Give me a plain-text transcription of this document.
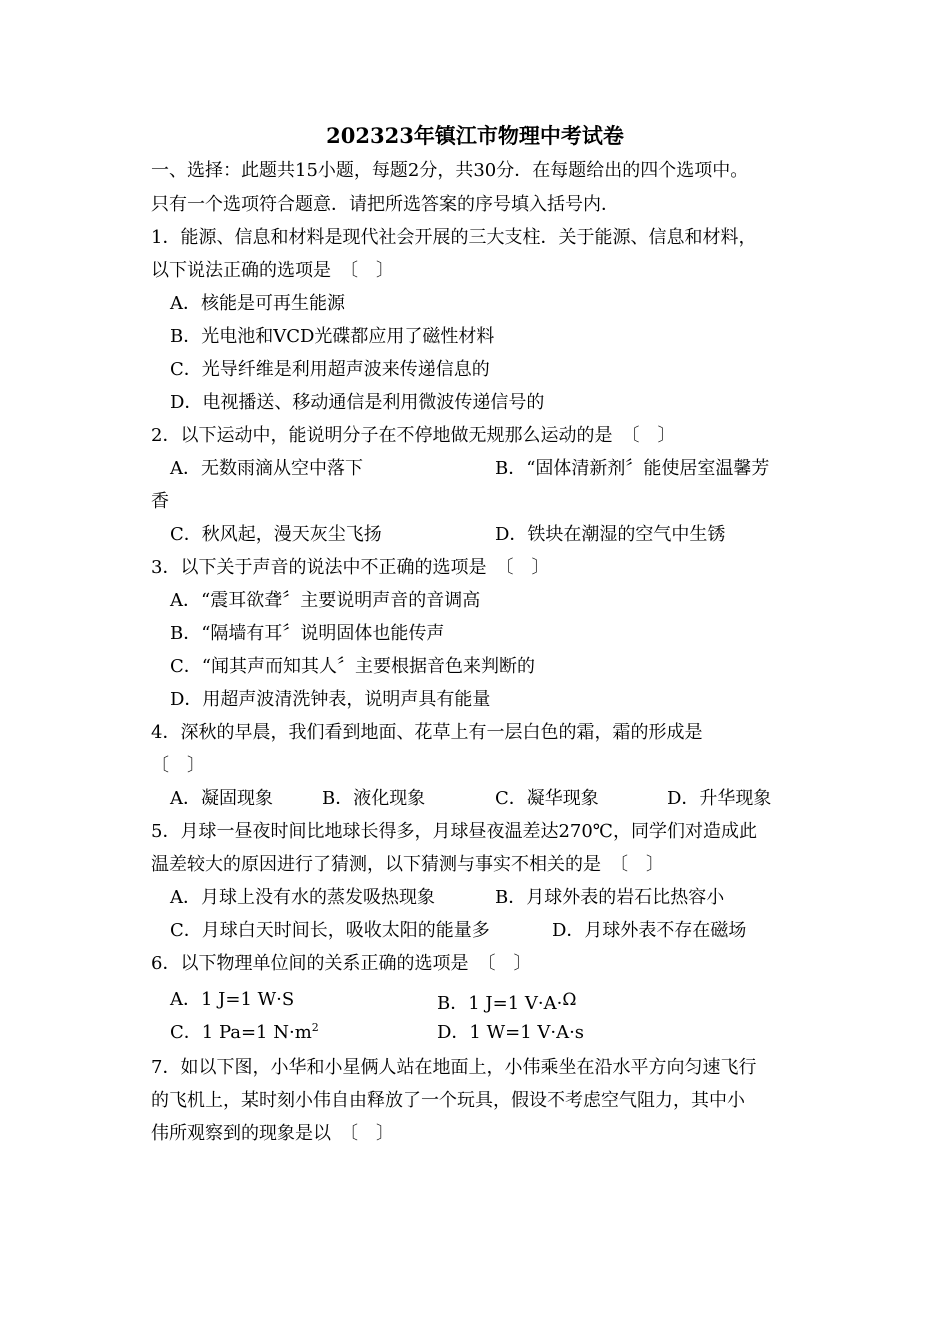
202323年镇江市物理中考试卷
一、选择：此题共15小题，每题2分，共30分．在每题给出的四个选项中。
只有一个选项符合题意．请把所选答案的序号填入括号内．
1．能源、信息和材料是现代社会开展的三大支柱．关于能源、信息和材料，
以下说法正确的选项是　〔　〕
A．核能是可再生能源
B．光电池和VCD光碟都应用了磁性材料
C．光导纤维是利用超声波来传递信息的
D．电视播送、移动通信是利用微波传递信号的
2．以下运动中，能说明分子在不停地做无规那么运动的是　〔　〕
A．无数雨滴从空中落下	B．“固体清新剂〞能使居室温馨芳
香
C．秋风起，漫天灰尘飞扬	D．铁块在潮湿的空气中生锈
3．以下关于声音的说法中不正确的选项是　〔　〕
A．“震耳欲聋〞主要说明声音的音调高
B．“隔墙有耳〞说明固体也能传声
C．“闻其声而知其人〞主要根据音色来判断的
D．用超声波清洗钟表，说明声具有能量
4．深秋的早晨，我们看到地面、花草上有一层白色的霜，霜的形成是
〔　〕
A．凝固现象	B．液化现象	C．凝华现象	D．升华现象
5．月球一昼夜时间比地球长得多，月球昼夜温差达270℃，同学们对造成此
温差较大的原因进行了猜测，以下猜测与事实不相关的是　〔　〕
A．月球上没有水的蒸发吸热现象	B．月球外表的岩石比热容小
C．月球白天时间长，吸收太阳的能量多	D．月球外表不存在磁场
6．以下物理单位间的关系正确的选项是　〔　〕
A．1 J=1 W·S	B．1 J=1 V·A·Ω
C．1 Pa=1 $N\cdot m^2$	D．1 W=1 V·A·s
7．如以下图，小华和小星俩人站在地面上，小伟乘坐在沿水平方向匀速飞行
的飞机上，某时刻小伟自由释放了一个玩具，假设不考虑空气阻力，其中小
伟所观察到的现象是以　〔　〕
